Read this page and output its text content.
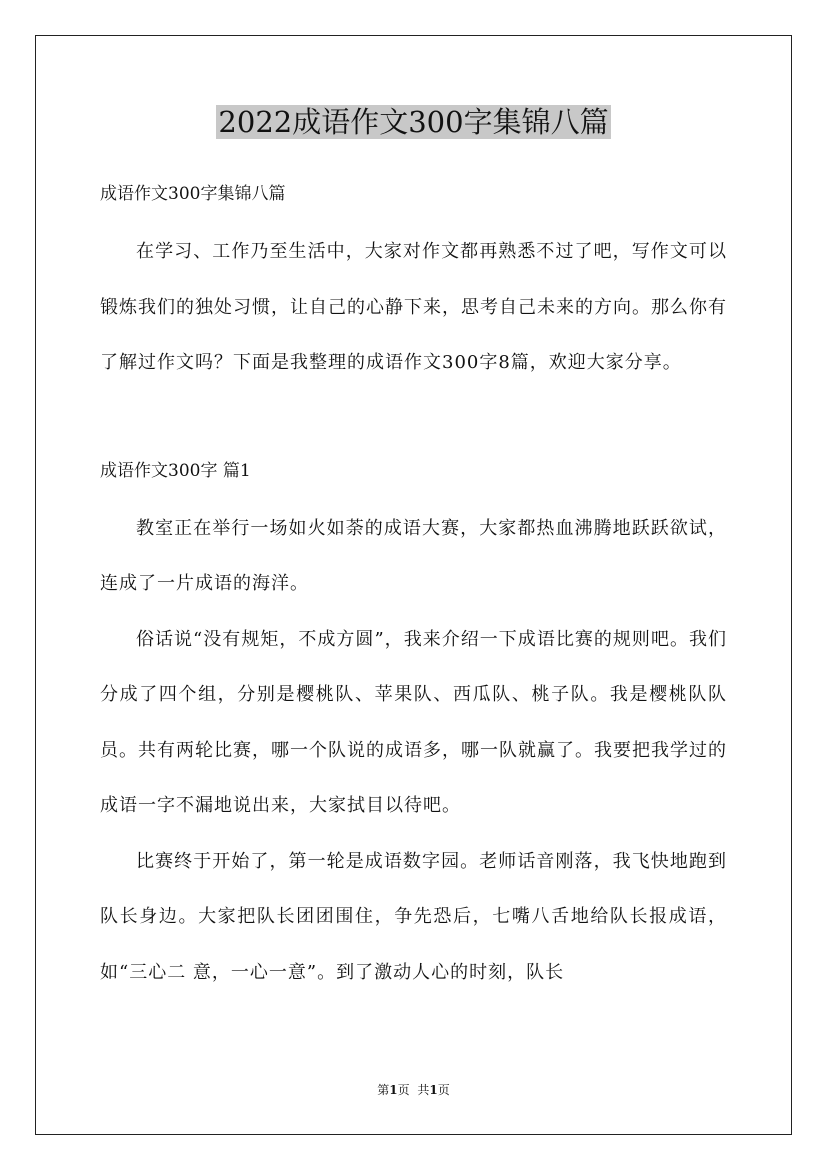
2022成语作文300字集锦八篇

成语作文300字集锦八篇

在学习、工作乃至生活中，大家对作文都再熟悉不过了吧，写作文可以锻炼我们的独处习惯，让自己的心静下来，思考自己未来的方向。那么你有了解过作文吗？下面是我整理的成语作文300字8篇，欢迎大家分享。

成语作文300字 篇1

教室正在举行一场如火如荼的成语大赛，大家都热血沸腾地跃跃欲试，连成了一片成语的海洋。

俗话说“没有规矩，不成方圆”，我来介绍一下成语比赛的规则吧。我们分成了四个组，分别是樱桃队、苹果队、西瓜队、桃子队。我是樱桃队队员。共有两轮比赛，哪一个队说的成语多，哪一队就赢了。我要把我学过的成语一字不漏地说出来，大家拭目以待吧。

比赛终于开始了，第一轮是成语数字园。老师话音刚落，我飞快地跑到队长身边。大家把队长团团围住，争先恐后，七嘴八舌地给队长报成语，如“三心二 意，一心一意”。到了激动人心的时刻，队长

第1页 共1页
